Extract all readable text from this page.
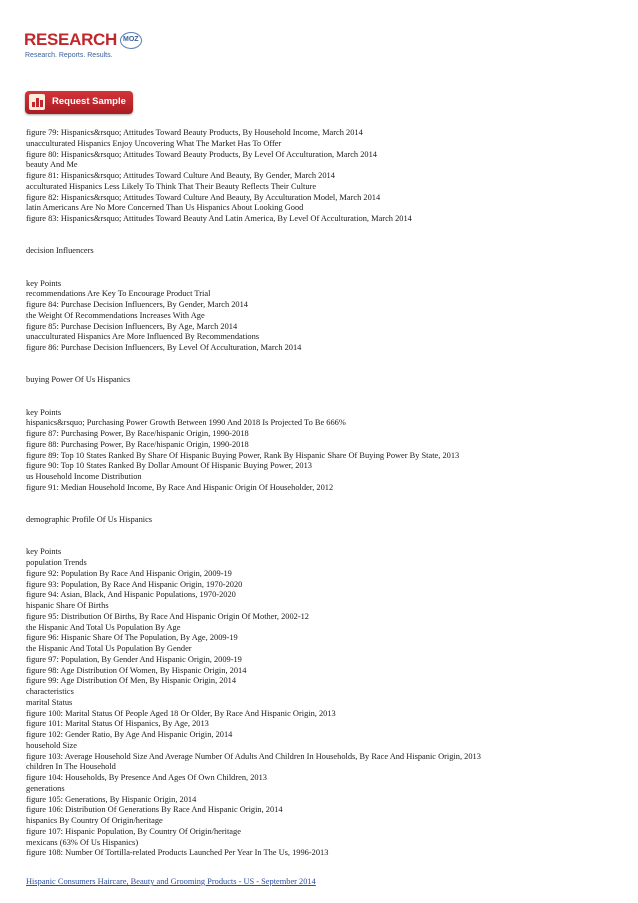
RESEARCH MOZ
Research. Reports. Results.
Request Sample
figure 79: Hispanics&rsquo; Attitudes Toward Beauty Products, By Household Income, March 2014
unacculturated Hispanics Enjoy Uncovering What The Market Has To Offer
figure 80: Hispanics&rsquo; Attitudes Toward Beauty Products, By Level Of Acculturation, March 2014
beauty And Me
figure 81: Hispanics&rsquo; Attitudes Toward Culture And Beauty, By Gender, March 2014
acculturated Hispanics Less Likely To Think That Their Beauty Reflects Their Culture
figure 82: Hispanics&rsquo; Attitudes Toward Culture And Beauty, By Acculturation Model, March 2014
latin Americans Are No More Concerned Than Us Hispanics About Looking Good
figure 83: Hispanics&rsquo; Attitudes Toward Beauty And Latin America, By Level Of Acculturation, March 2014
decision Influencers
key Points
recommendations Are Key To Encourage Product Trial
figure 84: Purchase Decision Influencers, By Gender, March 2014
the Weight Of Recommendations Increases With Age
figure 85: Purchase Decision Influencers, By Age, March 2014
unacculturated Hispanics Are More Influenced By Recommendations
figure 86: Purchase Decision Influencers, By Level Of Acculturation, March 2014
buying Power Of Us Hispanics
key Points
hispanics&rsquo; Purchasing Power Growth Between 1990 And 2018 Is Projected To Be 666%
figure 87: Purchasing Power, By Race/hispanic Origin, 1990-2018
figure 88: Purchasing Power, By Race/hispanic Origin, 1990-2018
figure 89: Top 10 States Ranked By Share Of Hispanic Buying Power, Rank By Hispanic Share Of Buying Power By State, 2013
figure 90: Top 10 States Ranked By Dollar Amount Of Hispanic Buying Power, 2013
us Household Income Distribution
figure 91: Median Household Income, By Race And Hispanic Origin Of Householder, 2012
demographic Profile Of Us Hispanics
key Points
population Trends
figure 92: Population By Race And Hispanic Origin, 2009-19
figure 93: Population, By Race And Hispanic Origin, 1970-2020
figure 94: Asian, Black, And Hispanic Populations, 1970-2020
hispanic Share Of Births
figure 95: Distribution Of Births, By Race And Hispanic Origin Of Mother, 2002-12
the Hispanic And Total Us Population By Age
figure 96: Hispanic Share Of The Population, By Age, 2009-19
the Hispanic And Total Us Population By Gender
figure 97: Population, By Gender And Hispanic Origin, 2009-19
figure 98: Age Distribution Of Women, By Hispanic Origin, 2014
figure 99: Age Distribution Of Men, By Hispanic Origin, 2014
characteristics
marital Status
figure 100: Marital Status Of People Aged 18 Or Older, By Race And Hispanic Origin, 2013
figure 101: Marital Status Of Hispanics, By Age, 2013
figure 102: Gender Ratio, By Age And Hispanic Origin, 2014
household Size
figure 103: Average Household Size And Average Number Of Adults And Children In Households, By Race And Hispanic Origin, 2013
children In The Household
figure 104: Households, By Presence And Ages Of Own Children, 2013
generations
figure 105: Generations, By Hispanic Origin, 2014
figure 106: Distribution Of Generations By Race And Hispanic Origin, 2014
hispanics By Country Of Origin/heritage
figure 107: Hispanic Population, By Country Of Origin/heritage
mexicans (63% Of Us Hispanics)
figure 108: Number Of Tortilla-related Products Launched Per Year In The Us, 1996-2013
Hispanic Consumers Haircare, Beauty and Grooming Products - US - September 2014
